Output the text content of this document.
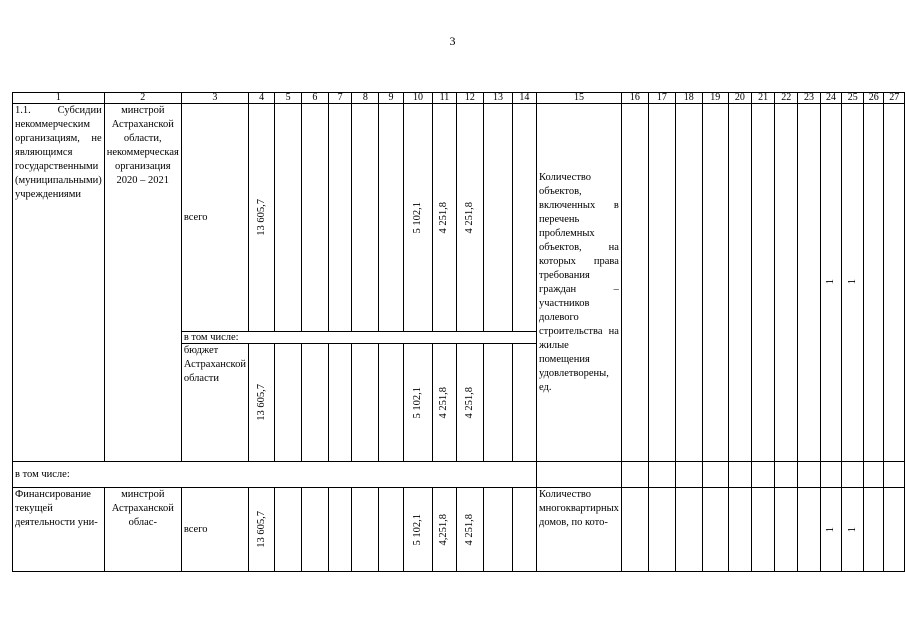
3
1	2	3	4	5	6	7	8	9	10	11	12	13	14	15	16	17	18	19	20	21	22	23	24	25	26	27
1.1. Субсидии некоммерческим организациям, не являющимся государственными (муниципальными) учреждениями	минстрой Астраханской области, некоммерческая организация 2020 – 2021	всего	13 605,7						5 102,1	4 251,8	4 251,8			Количество объектов, включенных в перечень проблемных объектов, на которых права требования граждан – участников долевого строительства на жилые помещения удовлетворены, ед.									1	1		

		в том числе:																								
		бюджет Астраханской области	13 605,7						5 102,1	4 251,8	4 251,8															

в том числе:																										
Финансирование текущей деятельности уни-	минстрой Астраханской облас-	всего	13 605,7						5 102,1	4,251,8	4 251,8			Количество многоквартирных домов, по кото-									1	1		
